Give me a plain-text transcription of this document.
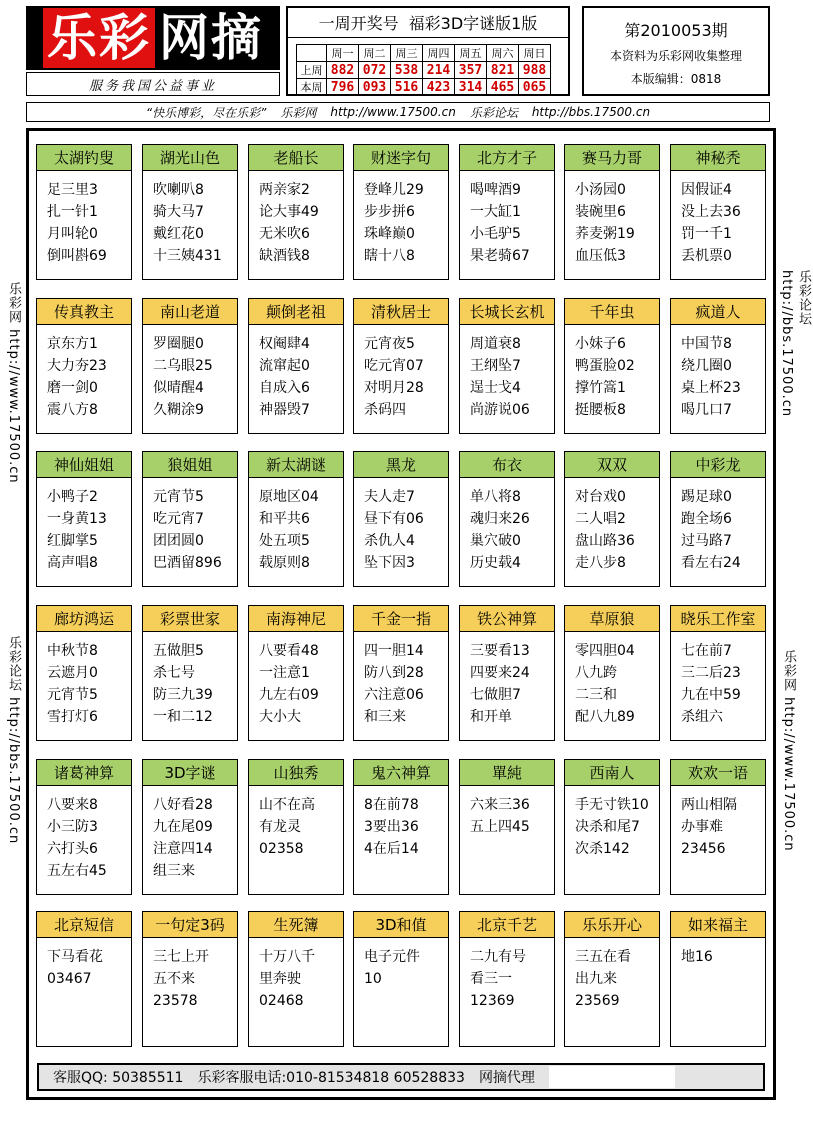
乐彩 网摘
服务我国公益事业
一周开奖号 福彩3D字谜版1版
	周一	周二	周三	周四	周五	周六	周日
上周	882	072	538	214	357	821	988
本周	796	093	516	423	314	465	065
第2010053期
本资料为乐彩网收集整理
本版编辑：0818
“快乐博彩，尽在乐彩” 乐彩网 http://www.17500.cn 乐彩论坛 http://bbs.17500.cn
乐彩网 http://www.17500.cn
乐彩论坛 http://bbs.17500.cn
乐彩论坛 http://bbs.17500.cn
乐彩网 http://www.17500.cn
客服QQ: 50385511 乐彩客服电话:010-81534818 60528833 网摘代理
太湖钓叟
足三里3
扎一针1
月叫轮0
倒叫斟69
湖光山色
吹喇叭8
骑大马7
戴红花0
十三姨431
老船长
两亲家2
论大事49
无米吹6
缺酒钱8
财迷字句
登峰儿29
步步拼6
珠峰巅0
瞎十八8
北方才子
喝啤酒9
一大缸1
小毛驴5
果老骑67
赛马力哥
小汤园0
装碗里6
荞麦粥19
血压低3
神秘秃
因假证4
没上去36
罚一千1
丢机票0
传真教主
京东方1
大力夯23
磨一剑0
震八方8
南山老道
罗圈腿0
二乌眼25
似晴醒4
久糊涂9
颠倒老祖
权阉肆4
流窜起0
自成入6
神器毁7
清秋居士
元宵夜5
吃元宵07
对明月28
杀码四
长城长玄机
周道衰8
王纲坠7
逞士戈4
尚游说06
千年虫
小妹子6
鸭蛋脸02
撑竹篙1
挺腰板8
疯道人
中国节8
绕几圈0
桌上杯23
喝几口7
神仙姐姐
小鸭子2
一身黄13
红脚掌5
高声唱8
狼姐姐
元宵节5
吃元宵7
团团圆0
巴酒留896
新太湖谜
原地区04
和平共6
处五项5
载原则8
黑龙
夫人走7
昼下有06
杀仇人4
坠下因3
布衣
单八将8
魂归来26
巢穴破0
历史载4
双双
对台戏0
二人唱2
盘山路36
走八步8
中彩龙
踢足球0
跑全场6
过马路7
看左右24
廊坊鸿运
中秋节8
云遮月0
元宵节5
雪打灯6
彩票世家
五做胆5
杀七号
防三九39
一和二12
南海神尼
八要看48
一注意1
九左右09
大小大
千金一指
四一胆14
防八到28
六注意06
和三来
铁公神算
三要看13
四要来24
七做胆7
和开单
草原狼
零四胆04
八九跨
二三和
配八九89
晓乐工作室
七在前7
三二后23
九在中59
杀组六
诸葛神算
八要来8
小三防3
六打头6
五左右45
3D字谜
八好看28
九在尾09
注意四14
组三来
山独秀
山不在高
有龙灵
02358
鬼六神算
8在前78
3要出36
4在后14
單純
六来三36
五上四45
西南人
手无寸铁10
决杀和尾7
次杀142
欢欢一语
两山相隔
办事难
23456
北京短信
下马看花
03467
一句定3码
三七上开
五不来
23578
生死簿
十万八千
里奔驶
02468
3D和值
电子元件
10
北京千艺
二九有号
看三一
12369
乐乐开心
三五在看
出九来
23569
如来福主
地16
